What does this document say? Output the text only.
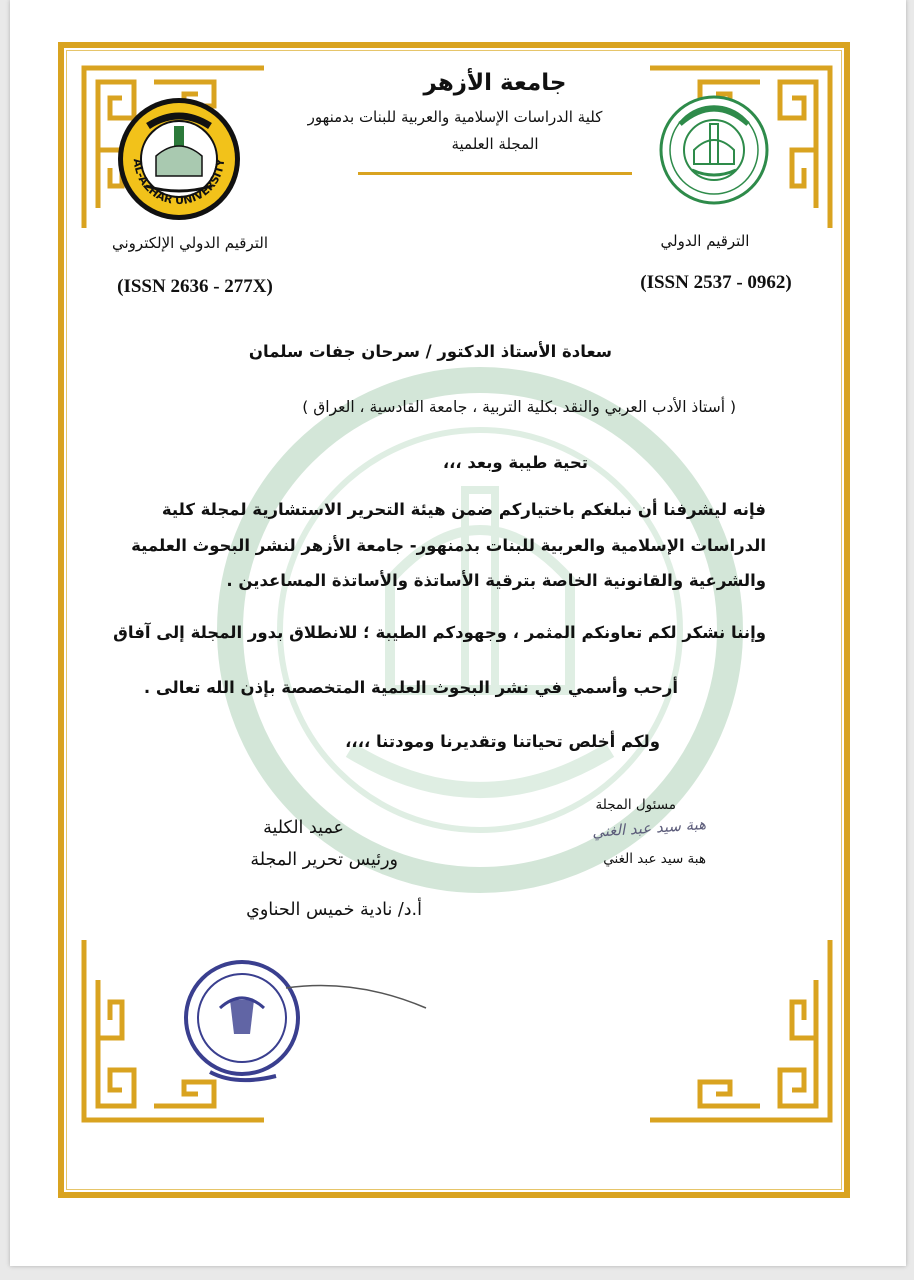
AL-AZHAR UNIVERSITY
جامعة الأزهر
كلية الدراسات الإسلامية والعربية للبنات بدمنهور
المجلة العلمية
الترقيم الدولي الإلكتروني
(ISSN 2636 - 277X)
الترقيم الدولي
(ISSN 2537 - 0962)
سعادة الأستاذ الدكتور / سرحان جفات سلمان
( أستاذ الأدب العربي والنقد بكلية التربية ، جامعة القادسية ، العراق )
تحية طيبة وبعد ،،،
فإنه ليشرفنا أن نبلغكم باختياركم ضمن هيئة التحرير الاستشارية لمجلة كلية
الدراسات الإسلامية والعربية للبنات بدمنهور- جامعة الأزهر لنشر البحوث العلمية
والشرعية والقانونية الخاصة بترقية الأساتذة والأساتذة المساعدين .
وإننا نشكر لكم تعاونكم المثمر ، وجهودكم الطيبة ؛ للانطلاق بدور المجلة إلى آفاق
أرحب وأسمي في نشر البحوث العلمية المتخصصة بإذن الله تعالى .
ولكم أخلص تحياتنا وتقديرنا ومودتنا ،،،،
مسئول المجلة
هبة سيد عبد الغني
هبة سيد عبد الغني
عميد الكلية
ورئيس تحرير المجلة
أ.د/ نادية خميس الحناوي
